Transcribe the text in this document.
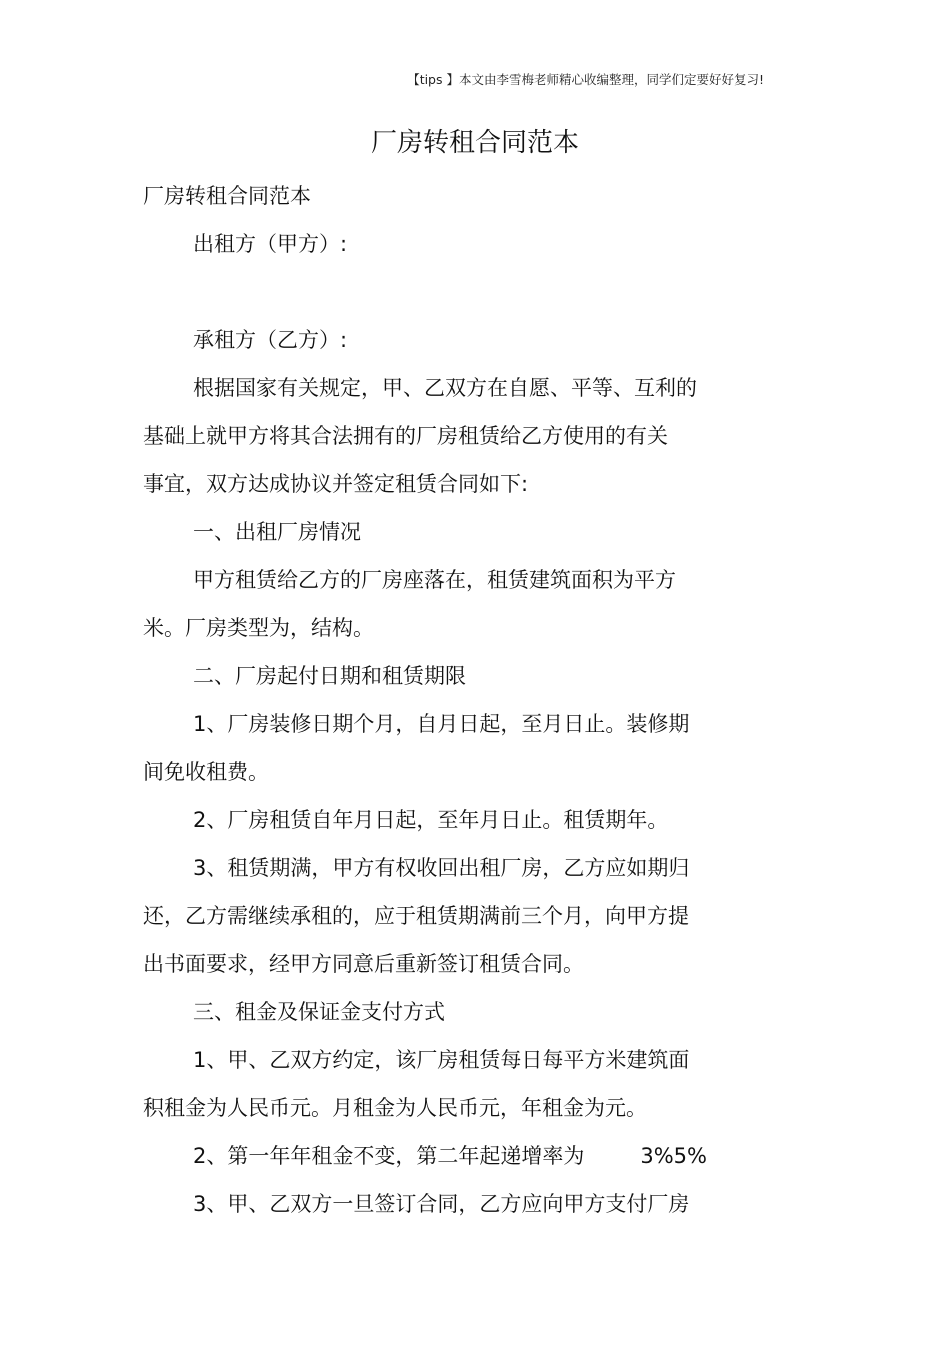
【tips 】本文由李雪梅老师精心收编整理，同学们定要好好复习!
厂房转租合同范本
厂房转租合同范本
出租方（甲方）:
承租方（乙方）:
根据国家有关规定，甲、乙双方在自愿、平等、互利的
基础上就甲方将其合法拥有的厂房租赁给乙方使用的有关
事宜，双方达成协议并签定租赁合同如下:
一、出租厂房情况
甲方租赁给乙方的厂房座落在，租赁建筑面积为平方
米。厂房类型为，结构。
二、厂房起付日期和租赁期限
1、厂房装修日期个月，自月日起，至月日止。装修期
间免收租费。
2、厂房租赁自年月日起，至年月日止。租赁期年。
3、租赁期满，甲方有权收回出租厂房，乙方应如期归
还，乙方需继续承租的，应于租赁期满前三个月，向甲方提
出书面要求，经甲方同意后重新签订租赁合同。
三、租金及保证金支付方式
1、甲、乙双方约定，该厂房租赁每日每平方米建筑面
积租金为人民币元。月租金为人民币元，年租金为元。
2、第一年年租金不变，第二年起递增率为	3%5%
3、甲、乙双方一旦签订合同，乙方应向甲方支付厂房
